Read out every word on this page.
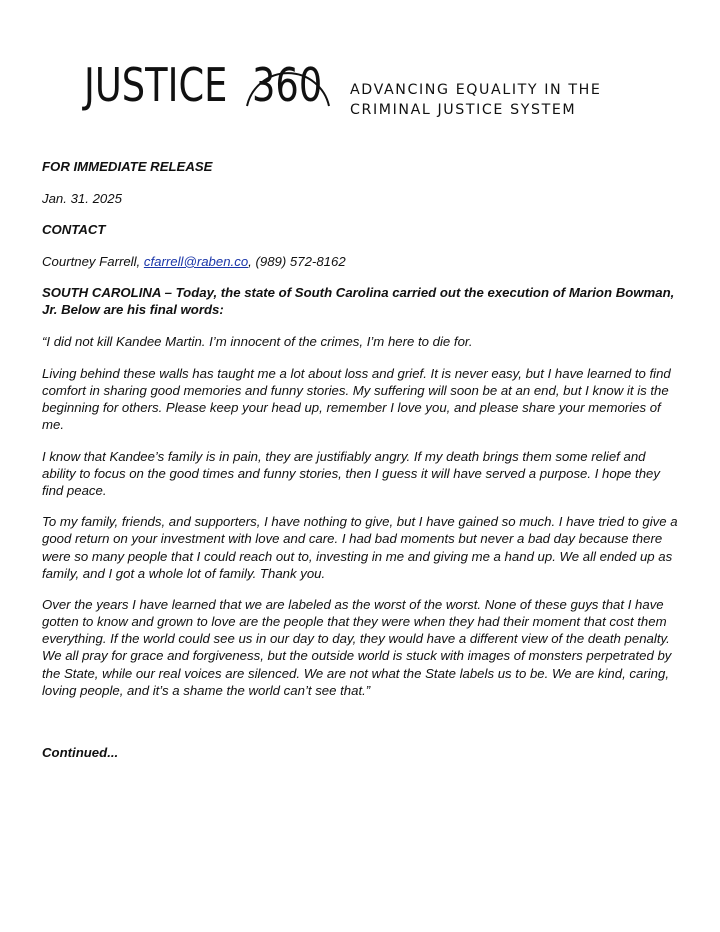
JUSTICE 360 ADVANCING EQUALITY IN THE
CRIMINAL JUSTICE SYSTEM

FOR IMMEDIATE RELEASE

Jan. 31. 2025

CONTACT

Courtney Farrell, cfarrell@raben.co, (989) 572-8162

SOUTH CAROLINA – Today, the state of South Carolina carried out the execution of Marion Bowman, Jr. Below are his final words:

“I did not kill Kandee Martin. I’m innocent of the crimes, I’m here to die for.

Living behind these walls has taught me a lot about loss and grief. It is never easy, but I have learned to find comfort in sharing good memories and funny stories. My suffering will soon be at an end, but I know it is the beginning for others. Please keep your head up, remember I love you, and please share your memories of me.

I know that Kandee’s family is in pain, they are justifiably angry. If my death brings them some relief and ability to focus on the good times and funny stories, then I guess it will have served a purpose. I hope they find peace.

To my family, friends, and supporters, I have nothing to give, but I have gained so much. I have tried to give a good return on your investment with love and care. I had bad moments but never a bad day because there were so many people that I could reach out to, investing in me and giving me a hand up. We all ended up as family, and I got a whole lot of family. Thank you.

Over the years I have learned that we are labeled as the worst of the worst. None of these guys that I have gotten to know and grown to love are the people that they were when they had their moment that cost them everything. If the world could see us in our day to day, they would have a different view of the death penalty. We all pray for grace and forgiveness, but the outside world is stuck with images of monsters perpetrated by the State, while our real voices are silenced. We are not what the State labels us to be. We are kind, caring, loving people, and it’s a shame the world can’t see that.”

Continued...
